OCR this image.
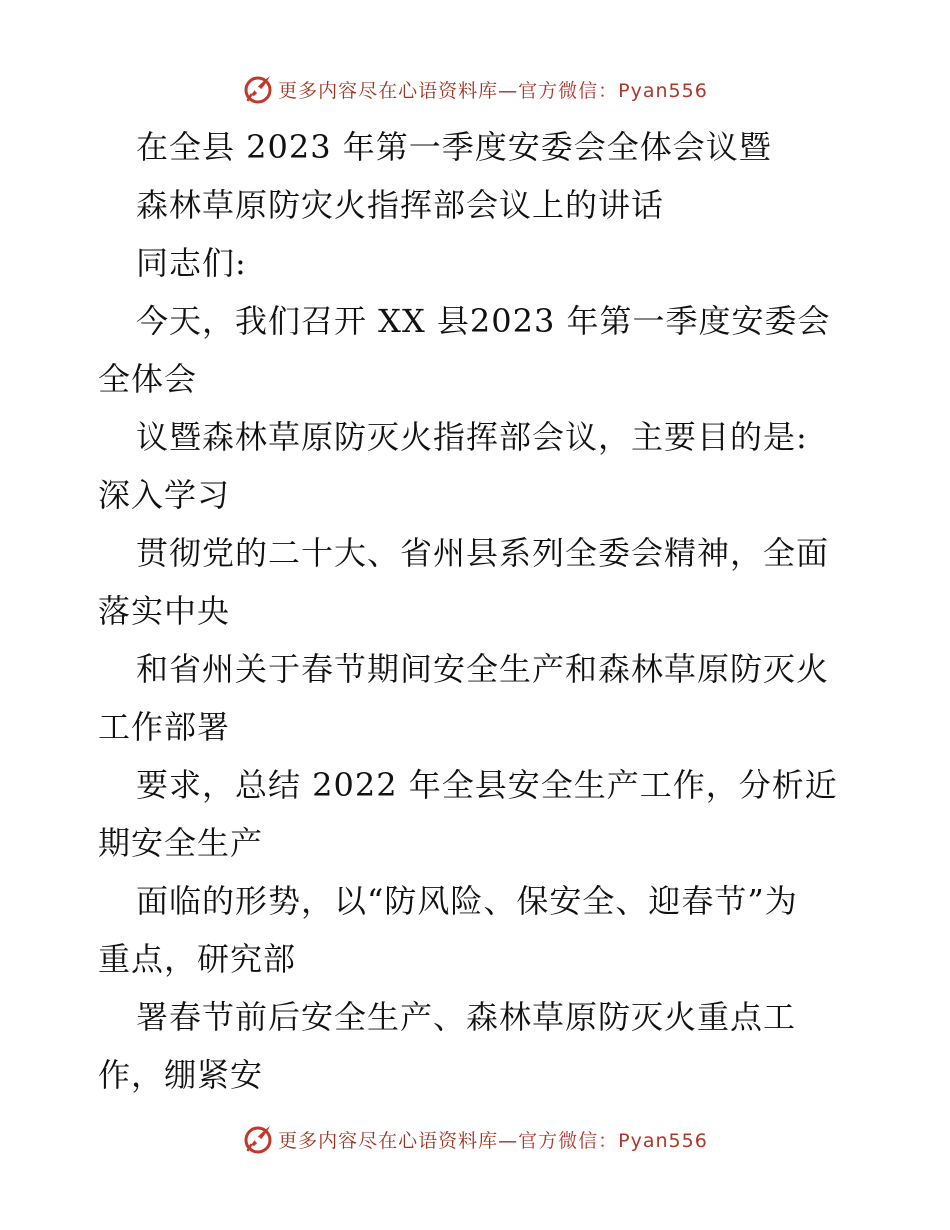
更多内容尽在心语资料库—官方微信：Pyan556
在全县 2023 年第一季度安委会全体会议暨
森林草原防灾火指挥部会议上的讲话
同志们:
今天，我们召开 XX 县2023 年第一季度安委会
全体会
议暨森林草原防灭火指挥部会议，主要目的是:
深入学习
贯彻党的二十大、省州县系列全委会精神，全面
落实中央
和省州关于春节期间安全生产和森林草原防灭火
工作部署
要求，总结 2022 年全县安全生产工作，分析近
期安全生产
面临的形势，以“防风险、保安全、迎春节”为
重点，研究部
署春节前后安全生产、森林草原防灭火重点工
作，绷紧安
更多内容尽在心语资料库—官方微信：Pyan556
